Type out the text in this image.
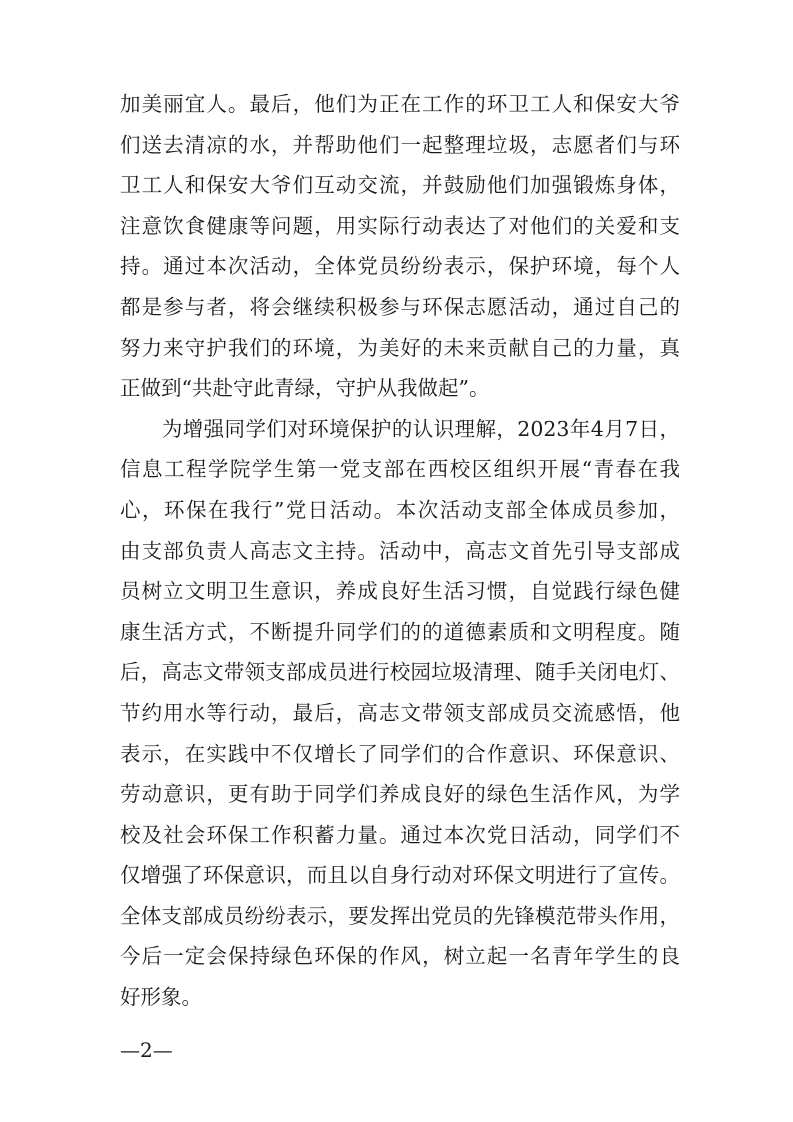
加美丽宜人。最后，他们为正在工作的环卫工人和保安大爷
们送去清凉的水，并帮助他们一起整理垃圾，志愿者们与环
卫工人和保安大爷们互动交流，并鼓励他们加强锻炼身体，
注意饮食健康等问题，用实际行动表达了对他们的关爱和支
持。通过本次活动，全体党员纷纷表示，保护环境，每个人
都是参与者，将会继续积极参与环保志愿活动，通过自己的
努力来守护我们的环境，为美好的未来贡献自己的力量，真
正做到“共赴守此青绿，守护从我做起”。
　　为增强同学们对环境保护的认识理解，2023年4月7日，
信息工程学院学生第一党支部在西校区组织开展“青春在我
心，环保在我行”党日活动。本次活动支部全体成员参加，
由支部负责人高志文主持。活动中，高志文首先引导支部成
员树立文明卫生意识，养成良好生活习惯，自觉践行绿色健
康生活方式，不断提升同学们的的道德素质和文明程度。随
后，高志文带领支部成员进行校园垃圾清理、随手关闭电灯、
节约用水等行动，最后，高志文带领支部成员交流感悟，他
表示，在实践中不仅增长了同学们的合作意识、环保意识、
劳动意识，更有助于同学们养成良好的绿色生活作风，为学
校及社会环保工作积蓄力量。通过本次党日活动，同学们不
仅增强了环保意识，而且以自身行动对环保文明进行了宣传。
全体支部成员纷纷表示，要发挥出党员的先锋模范带头作用，
今后一定会保持绿色环保的作风，树立起一名青年学生的良
好形象。
—2—
